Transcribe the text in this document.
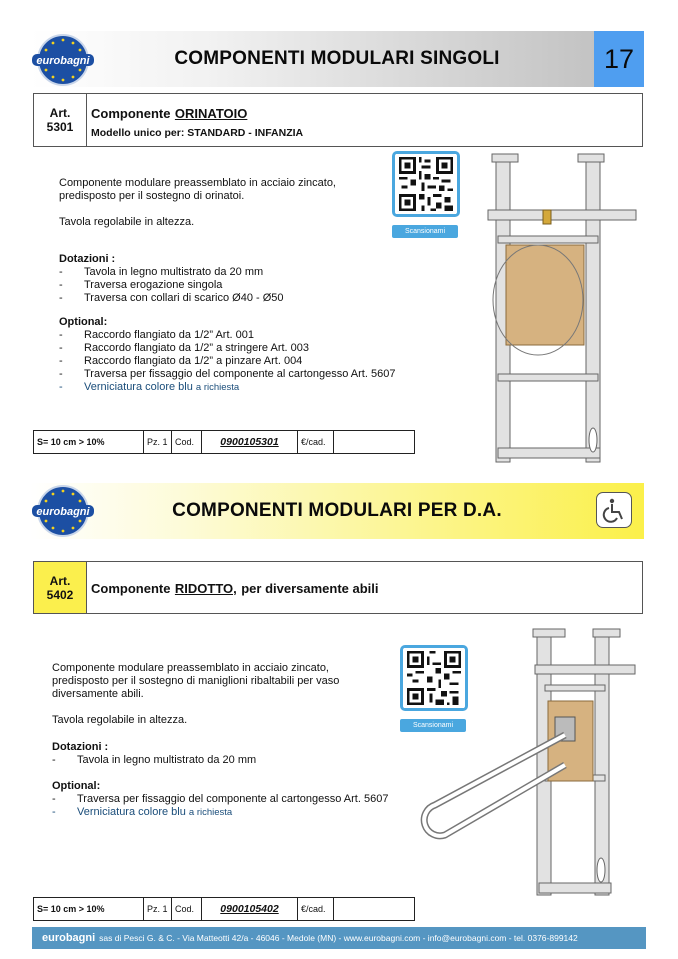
COMPONENTI MODULARI SINGOLI	17
eurobagni
Art.
5301
Componente ORINATOIO
Modello unico per: STANDARD - INFANZIA

Componente modulare preassemblato in acciaio zincato,

predisposto per il sostegno di orinatoi.

Tavola regolabile in altezza.

Dotazioni :

-	Tavola in legno multistrato da 20 mm
-	Traversa erogazione singola
-	Traversa con collari di scarico Ø40 - Ø50

Optional:

-	Raccordo flangiato da 1/2” Art. 001
-	Raccordo flangiato da 1/2” a stringere Art. 003
-	Raccordo flangiato da 1/2” a pinzare Art. 004
-	Traversa per fissaggio del componente al cartongesso Art. 5607
-	Verniciatura colore blu
a richiesta
Scansionami
S= 10 cm > 10%	Pz. 1 Cod.	0900105301	€/cad.
COMPONENTI MODULARI PER D.A.
eurobagni
Art.
5402 Componente RIDOTTO, per diversamente abili

Componente modulare preassemblato in acciaio zincato,

predisposto per il sostegno di maniglioni ribaltabili per vaso

diversamente abili.

Tavola regolabile in altezza.

Dotazioni :

-	Tavola in legno multistrato da 20 mm

Optional:

-	Traversa per fissaggio del componente al cartongesso Art. 5607
-	Verniciatura colore blu
a richiesta
Scansionami
S= 10 cm > 10%	Pz. 1 Cod.	0900105402	€/cad.
eurobagni sas di Pesci G. & C. - Via Matteotti 42/a - 46046 - Medole (MN) - www.eurobagni.com - info@eurobagni.com - tel. 0376-899142
